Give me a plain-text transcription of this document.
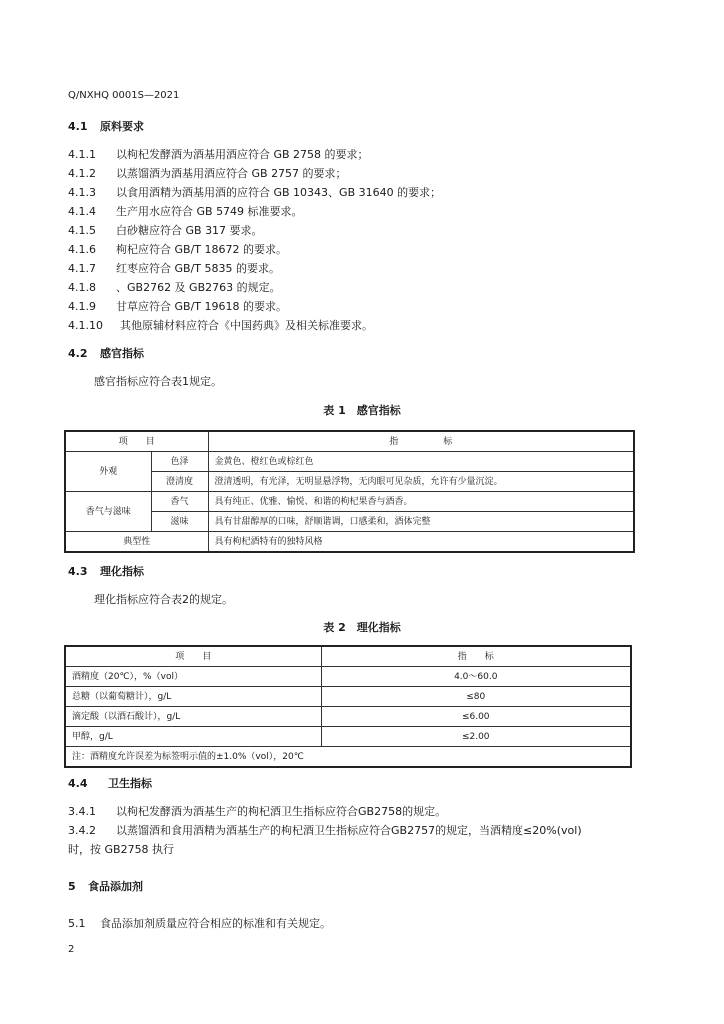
Q/NXHQ 0001S—2021
4.1 原料要求
4.1.1 以枸杞发酵酒为酒基用酒应符合 GB 2758 的要求；
4.1.2 以蒸馏酒为酒基用酒应符合 GB 2757 的要求；
4.1.3 以食用酒精为酒基用酒的应符合 GB 10343、GB 31640 的要求；
4.1.4 生产用水应符合 GB 5749 标准要求。
4.1.5 白砂糖应符合 GB 317 要求。
4.1.6 枸杞应符合 GB/T 18672 的要求。
4.1.7 红枣应符合 GB/T 5835 的要求。
4.1.8 、GB2762 及 GB2763 的规定。
4.1.9 甘草应符合 GB/T 19618 的要求。
4.1.10 其他原辅材料应符合《中国药典》及相关标准要求。
4.2 感官指标
感官指标应符合表1规定。
表 1　感官指标
项　　目		指　　　　　标
外观	色泽	金黄色、橙红色或棕红色
	澄清度	澄清透明，有光泽，无明显悬浮物，无肉眼可见杂质，允许有少量沉淀。
香气与滋味	香气	具有纯正、优雅、愉悦、和谐的枸杞果香与酒香。
	滋味	具有甘甜醇厚的口味，舒顺谐调，口感柔和，酒体完整
典型性		具有枸杞酒特有的独特风格
4.3 理化指标
理化指标应符合表2的规定。
表 2　理化指标
项　　目	指　　标
酒精度（20℃），%（vol）	4.0～60.0
总糖（以葡萄糖计），g/L	≤80
滴定酸（以酒石酸计），g/L	≤6.00
甲醇，g/L	≤2.00
注：酒精度允许误差为标签明示值的±1.0%（vol），20℃	
4.4 卫生指标
3.4.1 以枸杞发酵酒为酒基生产的枸杞酒卫生指标应符合GB2758的规定。
3.4.2 以蒸馏酒和食用酒精为酒基生产的枸杞酒卫生指标应符合GB2757的规定，当酒精度≤20%(vol)
时，按 GB2758 执行
5 食品添加剂
5.1 食品添加剂质量应符合相应的标准和有关规定。
2
